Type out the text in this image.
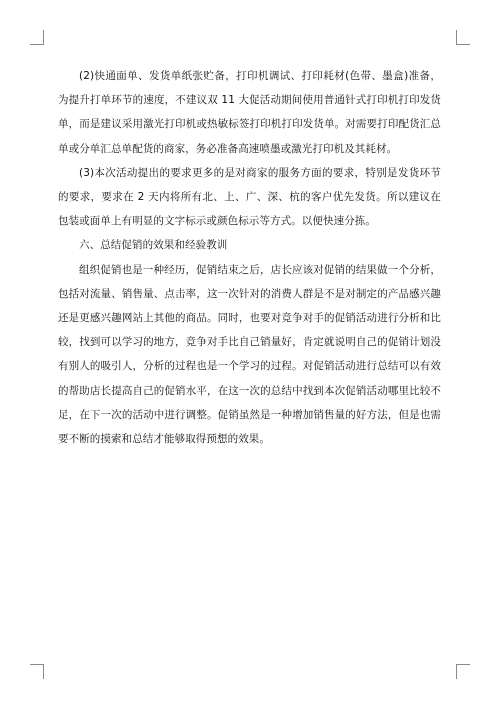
(2)快通面单、发货单纸张贮备，打印机调试、打印耗材(色带、墨盒)准备，为提升打单环节的速度，不建议双 11 大促活动期间使用普通针式打印机打印发货单，而是建议采用激光打印机或热敏标签打印机打印发货单。对需要打印配货汇总单或分单汇总单配货的商家，务必准备高速喷墨或激光打印机及其耗材。

(3)本次活动提出的要求更多的是对商家的服务方面的要求，特别是发货环节的要求，要求在 2 天内将所有北、上、广、深、杭的客户优先发货。所以建议在包装或面单上有明显的文字标示或颜色标示等方式。以便快速分拣。

六、总结促销的效果和经验教训

组织促销也是一种经历，促销结束之后，店长应该对促销的结果做一个分析，包括对流量、销售量、点击率，这一次针对的消费人群是不是对制定的产品感兴趣还是更感兴趣网站上其他的商品。同时，也要对竞争对手的促销活动进行分析和比较，找到可以学习的地方，竞争对手比自己销量好，肯定就说明自己的促销计划没有别人的吸引人，分析的过程也是一个学习的过程。对促销活动进行总结可以有效的帮助店长提高自己的促销水平，在这一次的总结中找到本次促销活动哪里比较不足，在下一次的活动中进行调整。促销虽然是一种增加销售量的好方法，但是也需要不断的摸索和总结才能够取得预想的效果。
